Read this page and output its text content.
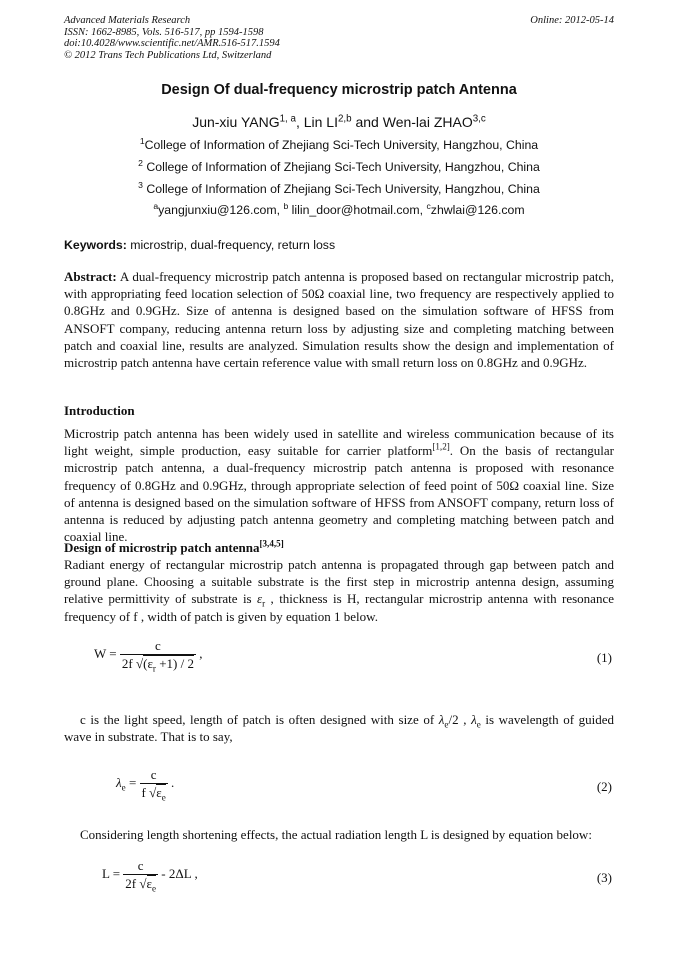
Advanced Materials Research
ISSN: 1662-8985, Vols. 516-517, pp 1594-1598
doi:10.4028/www.scientific.net/AMR.516-517.1594
© 2012 Trans Tech Publications Ltd, Switzerland
Online: 2012-05-14
Design Of dual-frequency microstrip patch Antenna
Jun-xiu YANG$^{1, a}$, Lin LI$^{2,b}$ and Wen-lai ZHAO$^{3,c}$
$^1$College of Information of Zhejiang Sci-Tech University, Hangzhou, China
$^2$ College of Information of Zhejiang Sci-Tech University, Hangzhou, China
$^3$ College of Information of Zhejiang Sci-Tech University, Hangzhou, China
$^a$yangjunxiu@126.com, $^b$ lilin_door@hotmail.com, $^c$zhwlai@126.com
Keywords: microstrip, dual-frequency, return loss
Abstract: A dual-frequency microstrip patch antenna is proposed based on rectangular microstrip patch, with appropriating feed location selection of 50Ω coaxial line, two frequency are respectively applied to 0.8GHz and 0.9GHz. Size of antenna is designed based on the simulation software of HFSS from ANSOFT company, reducing antenna return loss by adjusting size and completing matching between patch and coaxial line, results are analyzed. Simulation results show the design and implementation of microstrip patch antenna have certain reference value with small return loss on 0.8GHz and 0.9GHz.
Introduction
Microstrip patch antenna has been widely used in satellite and wireless communication because of its light weight, simple production, easy suitable for carrier platform[1,2]. On the basis of rectangular microstrip patch antenna, a dual-frequency microstrip patch antenna is proposed with resonance frequency of 0.8GHz and 0.9GHz, through appropriate selection of feed point of 50Ω coaxial line. Size of antenna is designed based on the simulation software of HFSS from ANSOFT company, return loss of antenna is reduced by adjusting patch antenna geometry and completing matching between patch and coaxial line.
Design of microstrip patch antenna[3,4,5]
Radiant energy of rectangular microstrip patch antenna is propagated through gap between patch and ground plane. Choosing a suitable substrate is the first step in microstrip antenna design, assuming relative permittivity of substrate is $\varepsilon_r$ , thickness is H, rectangular microstrip antenna with resonance frequency of f , width of patch is given by equation 1 below.
$W = \frac{c}{2f √(\varepsilon_r +1) / 2}$ ,	(1)
c is the light speed, length of patch is often designed with size of $\lambda_e/2$ , $\lambda_e$ is wavelength of guided wave in substrate. That is to say,
$\lambda_e = \frac{c}{f √\varepsilon_e}$ .	(2)
Considering length shortening effects, the actual radiation length L is designed by equation below:
$L = \frac{c}{2f √\varepsilon_e} - 2\Delta L$ ,	(3)
